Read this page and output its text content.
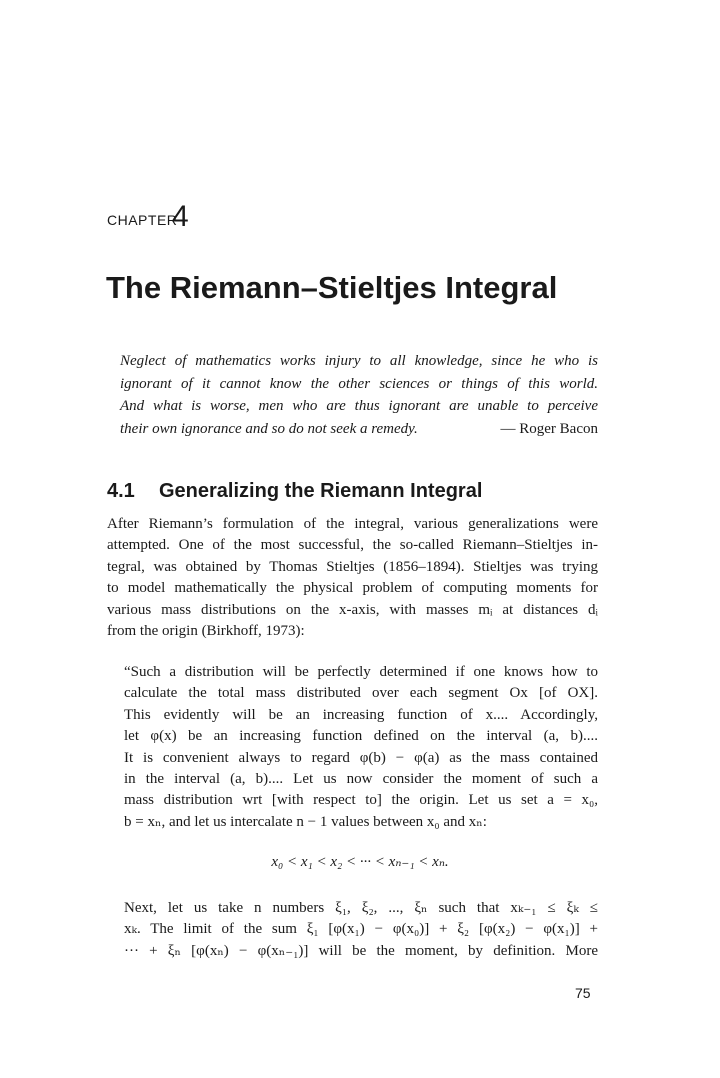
CHAPTER
4
The Riemann–Stieltjes Integral
Neglect of mathematics works injury to all knowledge, since he who is
ignorant of it cannot know the other sciences or things of this world.
And what is worse, men who are thus ignorant are unable to perceive
their own ignorance and so do not seek a remedy.	— Roger Bacon
4.1 Generalizing the Riemann Integral
After Riemann’s formulation of the integral, various generalizations were
attempted. One of the most successful, the so-called Riemann–Stieltjes in-
tegral, was obtained by Thomas Stieltjes (1856–1894). Stieltjes was trying
to model mathematically the physical problem of computing moments for
various mass distributions on the x-axis, with masses mᵢ at distances dᵢ
from the origin (Birkhoff, 1973):
“Such a distribution will be perfectly determined if one knows how to
calculate the total mass distributed over each segment Ox [of OX].
This evidently will be an increasing function of x.... Accordingly,
let φ(x) be an increasing function defined on the interval (a, b)....
It is convenient always to regard φ(b) − φ(a) as the mass contained
in the interval (a, b).... Let us now consider the moment of such a
mass distribution wrt [with respect to] the origin. Let us set a = x₀,
b = xₙ, and let us intercalate n − 1 values between x₀ and xₙ:
x₀ < x₁ < x₂ < ··· < xₙ₋₁ < xₙ.
Next, let us take n numbers ξ₁, ξ₂, ..., ξₙ such that xₖ₋₁ ≤ ξₖ ≤
xₖ. The limit of the sum ξ₁ [φ(x₁) − φ(x₀)] + ξ₂ [φ(x₂) − φ(x₁)] +
··· + ξₙ [φ(xₙ) − φ(xₙ₋₁)] will be the moment, by definition. More
75
